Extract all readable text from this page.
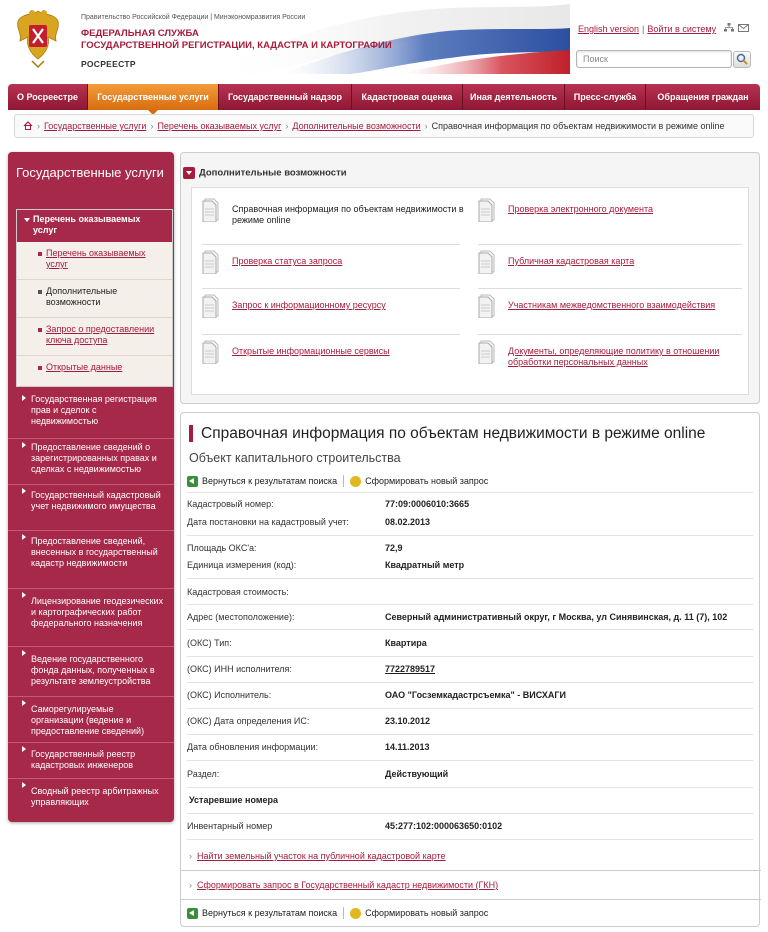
Правительство Российской Федерации | Минэкономразвития России
ФЕДЕРАЛЬНАЯ СЛУЖБА
ГОСУДАРСТВЕННОЙ РЕГИСТРАЦИИ, КАДАСТРА И КАРТОГРАФИИ
РОСРЕЕСТР
English version | Войти в систему
Поиск
О Росреестре	Государственные услуги	Государственный надзор	Кадастровая оценка	Иная деятельность	Пресс-служба	Обращения граждан
› Государственные услуги › Перечень оказываемых услуг › Дополнительные возможности › Справочная информация по объектам недвижимости в режиме online
Государственные услуги
Перечень оказываемых услуг
Перечень оказываемых услуг
Дополнительные возможности
Запрос о предоставлении ключа доступа
Открытые данные
Государственная регистрация прав и сделок с недвижимостью
Предоставление сведений о зарегистрированных правах и сделках с недвижимостью
Государственный кадастровый учет недвижимого имущества
Предоставление сведений, внесенных в государственный кадастр недвижимости
Лицензирование геодезических и картографических работ федерального назначения
Ведение государственного фонда данных, полученных в результате землеустройства
Саморегулируемые организации (ведение и предоставление сведений)
Государственный реестр кадастровых инженеров
Сводный реестр арбитражных управляющих
Дополнительные возможности
Справочная информация по объектам недвижимости в режиме online
Проверка электронного документа
Проверка статуса запроса	Публичная кадастровая карта
Запрос к информационному ресурсу	Участникам межведомственного взаимодействия
Открытые информационные сервисы	Документы, определяющие политику в отношении обработки персональных данных
Справочная информация по объектам недвижимости в режиме online
Объект капитального строительства
Вернуться к результатам поиска	Сформировать новый запрос
Кадастровый номер:	77:09:0006010:3665
Дата постановки на кадастровый учет:	08.02.2013
Площадь ОКС'а:	72,9
Единица измерения (код):	Квадратный метр
Кадастровая стоимость:
Адрес (местоположение):	Северный административный округ, г Москва, ул Синявинская, д. 11 (7), 102
(ОКС) Тип:	Квартира
(ОКС) ИНН исполнителя:	7722789517
(ОКС) Исполнитель:	ОАО "Госземкадастрсъемка" - ВИСХАГИ
(ОКС) Дата определения ИС:	23.10.2012
Дата обновления информации:	14.11.2013
Раздел:	Действующий
Устаревшие номера
Инвентарный номер	45:277:102:000063650:0102
› Найти земельный участок на публичной кадастровой карте
› Сформировать запрос в Государственный кадастр недвижимости (ГКН)
Вернуться к результатам поиска	Сформировать новый запрос
